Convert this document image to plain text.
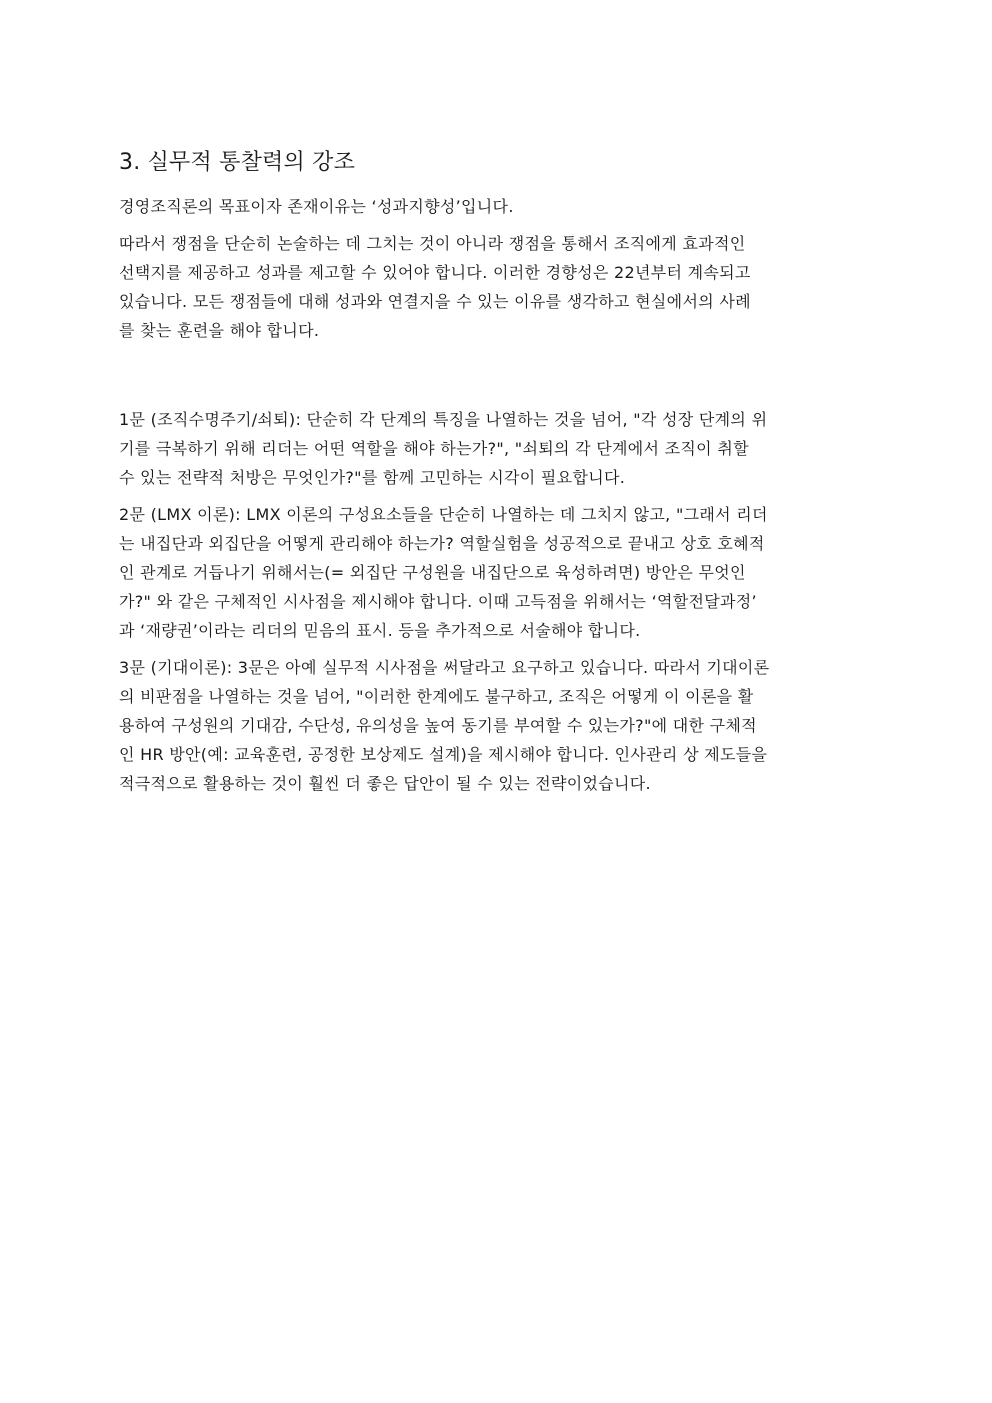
3. 실무적 통찰력의 강조

경영조직론의 목표이자 존재이유는 ‘성과지향성’입니다.

따라서 쟁점을 단순히 논술하는 데 그치는 것이 아니라 쟁점을 통해서 조직에게 효과적인
선택지를 제공하고 성과를 제고할 수 있어야 합니다. 이러한 경향성은 22년부터 계속되고
있습니다. 모든 쟁점들에 대해 성과와 연결지을 수 있는 이유를 생각하고 현실에서의 사례
를 찾는 훈련을 해야 합니다.

1문 (조직수명주기/쇠퇴): 단순히 각 단계의 특징을 나열하는 것을 넘어, "각 성장 단계의 위
기를 극복하기 위해 리더는 어떤 역할을 해야 하는가?", "쇠퇴의 각 단계에서 조직이 취할
수 있는 전략적 처방은 무엇인가?"를 함께 고민하는 시각이 필요합니다.

2문 (LMX 이론): LMX 이론의 구성요소들을 단순히 나열하는 데 그치지 않고, "그래서 리더
는 내집단과 외집단을 어떻게 관리해야 하는가? 역할실험을 성공적으로 끝내고 상호 호혜적
인 관계로 거듭나기 위해서는(= 외집단 구성원을 내집단으로 육성하려면) 방안은 무엇인
가?" 와 같은 구체적인 시사점을 제시해야 합니다. 이때 고득점을 위해서는 ‘역할전달과정’
과 ‘재량권’이라는 리더의 믿음의 표시. 등을 추가적으로 서술해야 합니다.

3문 (기대이론): 3문은 아예 실무적 시사점을 써달라고 요구하고 있습니다. 따라서 기대이론
의 비판점을 나열하는 것을 넘어, "이러한 한계에도 불구하고, 조직은 어떻게 이 이론을 활
용하여 구성원의 기대감, 수단성, 유의성을 높여 동기를 부여할 수 있는가?"에 대한 구체적
인 HR 방안(예: 교육훈련, 공정한 보상제도 설계)을 제시해야 합니다. 인사관리 상 제도들을
적극적으로 활용하는 것이 훨씬 더 좋은 답안이 될 수 있는 전략이었습니다.
